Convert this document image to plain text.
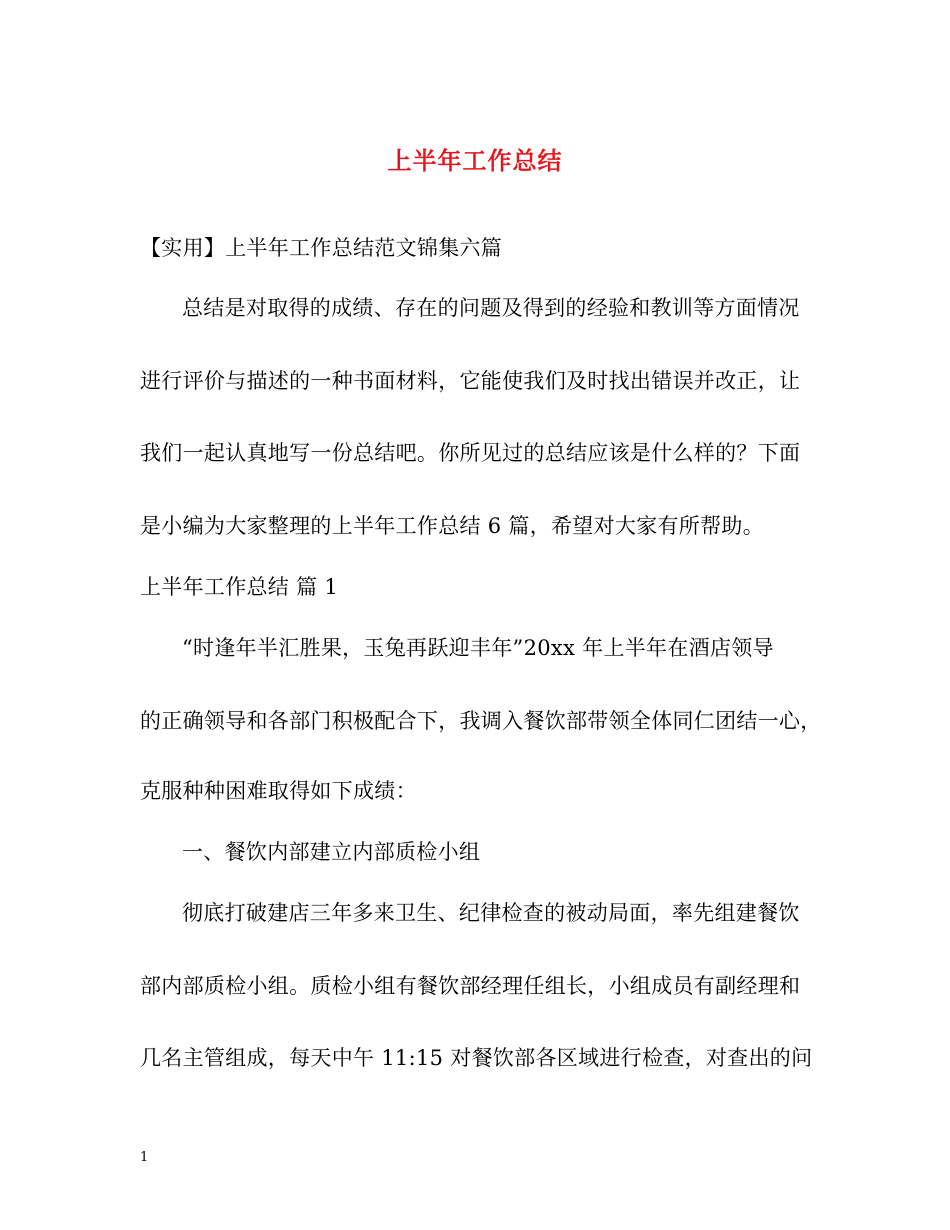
上半年工作总结
【实用】上半年工作总结范文锦集六篇
总结是对取得的成绩、存在的问题及得到的经验和教训等方面情况
进行评价与描述的一种书面材料，它能使我们及时找出错误并改正，让
我们一起认真地写一份总结吧。你所见过的总结应该是什么样的？下面
是小编为大家整理的上半年工作总结 6 篇，希望对大家有所帮助。
上半年工作总结 篇 1
“时逢年半汇胜果，玉兔再跃迎丰年”20xx 年上半年在酒店领导
的正确领导和各部门积极配合下，我调入餐饮部带领全体同仁团结一心，
克服种种困难取得如下成绩：
一、餐饮内部建立内部质检小组
彻底打破建店三年多来卫生、纪律检查的被动局面，率先组建餐饮
部内部质检小组。质检小组有餐饮部经理任组长，小组成员有副经理和
几名主管组成，每天中午 11:15 对餐饮部各区域进行检查，对查出的问
1
